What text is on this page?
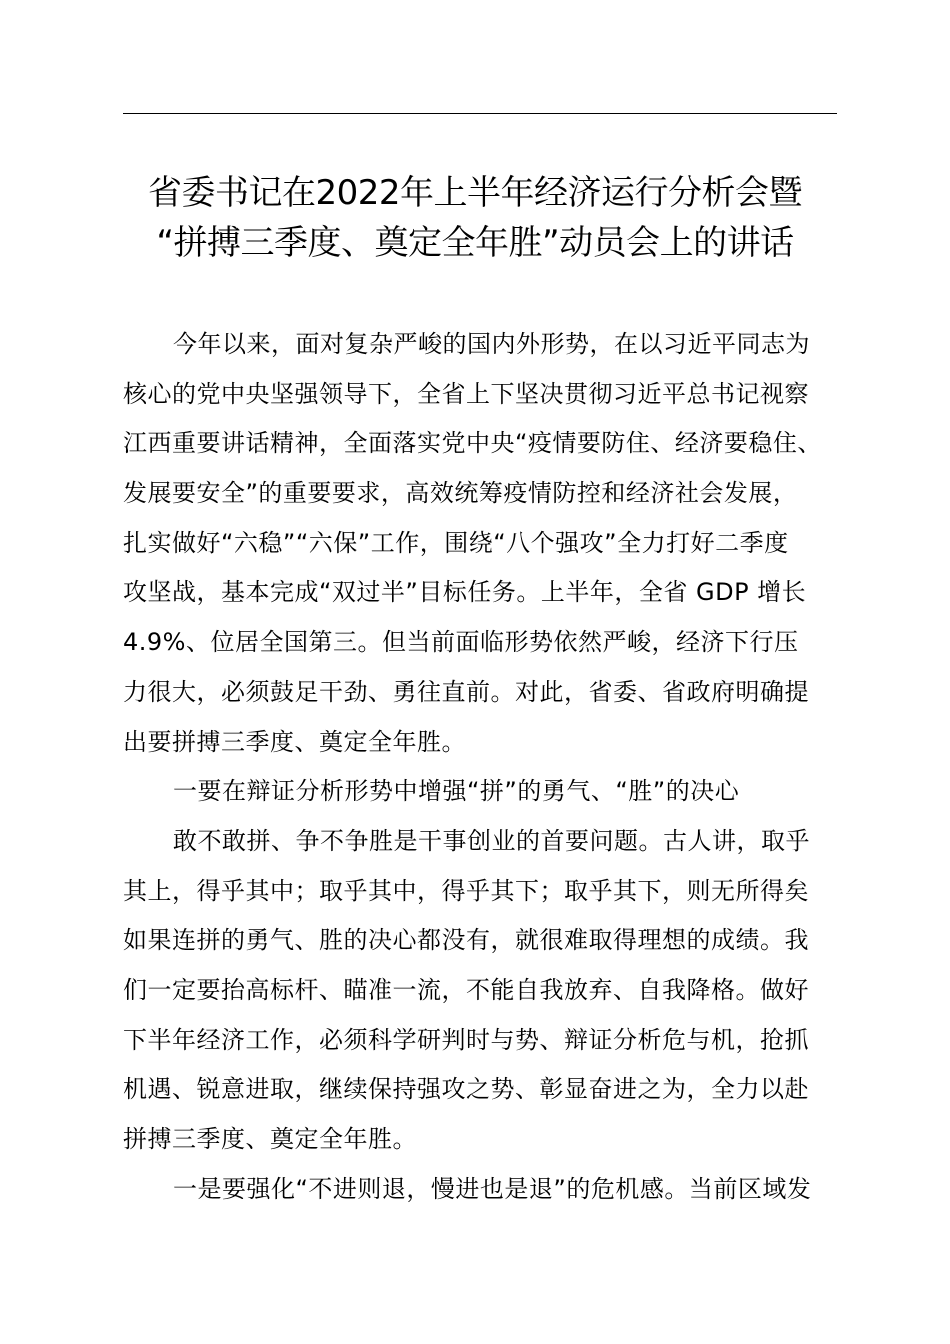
省委书记在2022年上半年经济运行分析会暨
“拼搏三季度、奠定全年胜”动员会上的讲话
今年以来，面对复杂严峻的国内外形势，在以习近平同志为
核心的党中央坚强领导下，全省上下坚决贯彻习近平总书记视察
江西重要讲话精神，全面落实党中央“疫情要防住、经济要稳住、
发展要安全”的重要要求，高效统筹疫情防控和经济社会发展，
扎实做好“六稳”“六保”工作，围绕“八个强攻”全力打好二季度
攻坚战，基本完成“双过半”目标任务。上半年，全省 GDP 增长
4.9%、位居全国第三。但当前面临形势依然严峻，经济下行压
力很大，必须鼓足干劲、勇往直前。对此，省委、省政府明确提
出要拼搏三季度、奠定全年胜。
一要在辩证分析形势中增强“拼”的勇气、“胜”的决心
敢不敢拼、争不争胜是干事创业的首要问题。古人讲，取乎
其上，得乎其中；取乎其中，得乎其下；取乎其下，则无所得矣
如果连拼的勇气、胜的决心都没有，就很难取得理想的成绩。我
们一定要抬高标杆、瞄准一流，不能自我放弃、自我降格。做好
下半年经济工作，必须科学研判时与势、辩证分析危与机，抢抓
机遇、锐意进取，继续保持强攻之势、彰显奋进之为，全力以赴
拼搏三季度、奠定全年胜。
一是要强化“不进则退，慢进也是退”的危机感。当前区域发
